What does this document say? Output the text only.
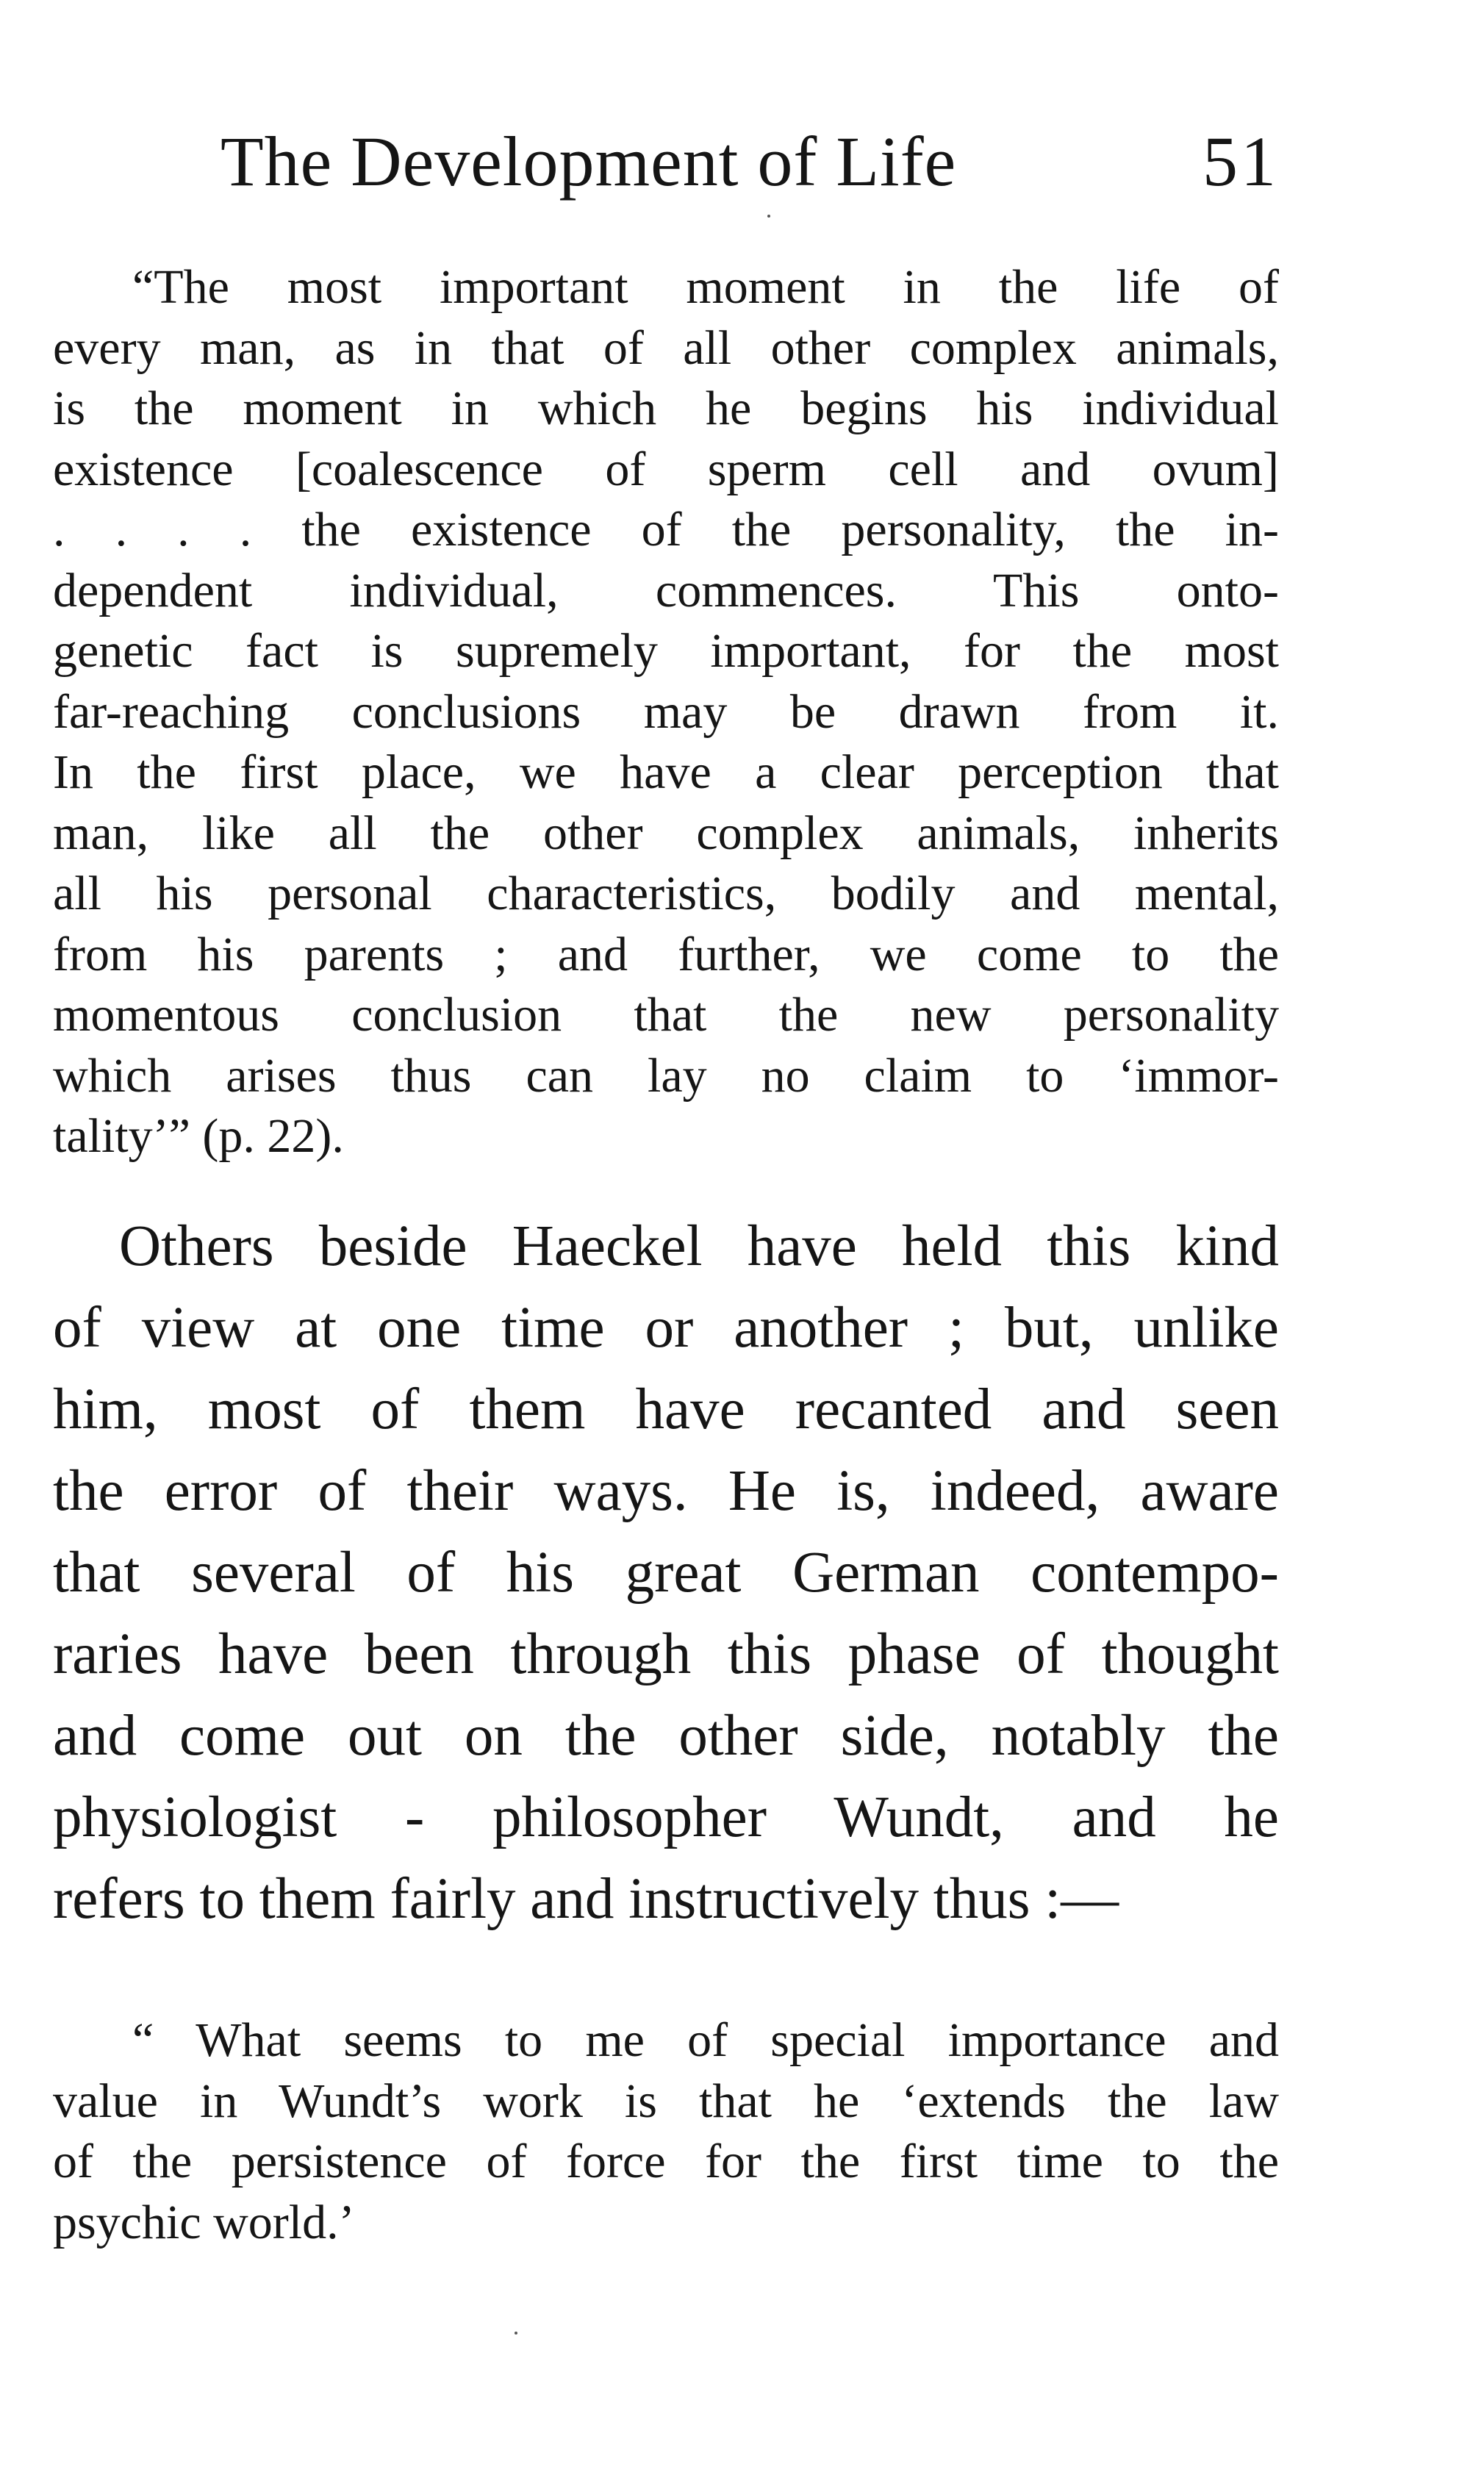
The Development of Life	51
“The most important moment in the life of
every man, as in that of all other complex animals,
is the moment in which he begins his individual
existence [coalescence of sperm cell and ovum]
. . . . the existence of the personality, the in-
dependent individual, commences. This onto-
genetic fact is supremely important, for the most
far-reaching conclusions may be drawn from it.
In the first place, we have a clear perception that
man, like all the other complex animals, inherits
all his personal characteristics, bodily and mental,
from his parents ; and further, we come to the
momentous conclusion that the new personality
which arises thus can lay no claim to ‘immor-
tality’” (p. 22).
Others beside Haeckel have held this kind
of view at one time or another ; but, unlike
him, most of them have recanted and seen
the error of their ways. He is, indeed, aware
that several of his great German contempo-
raries have been through this phase of thought
and come out on the other side, notably the
physiologist - philosopher Wundt, and he
refers to them fairly and instructively thus :—
“ What seems to me of special importance and
value in Wundt’s work is that he ‘extends the law
of the persistence of force for the first time to the
psychic world.’
